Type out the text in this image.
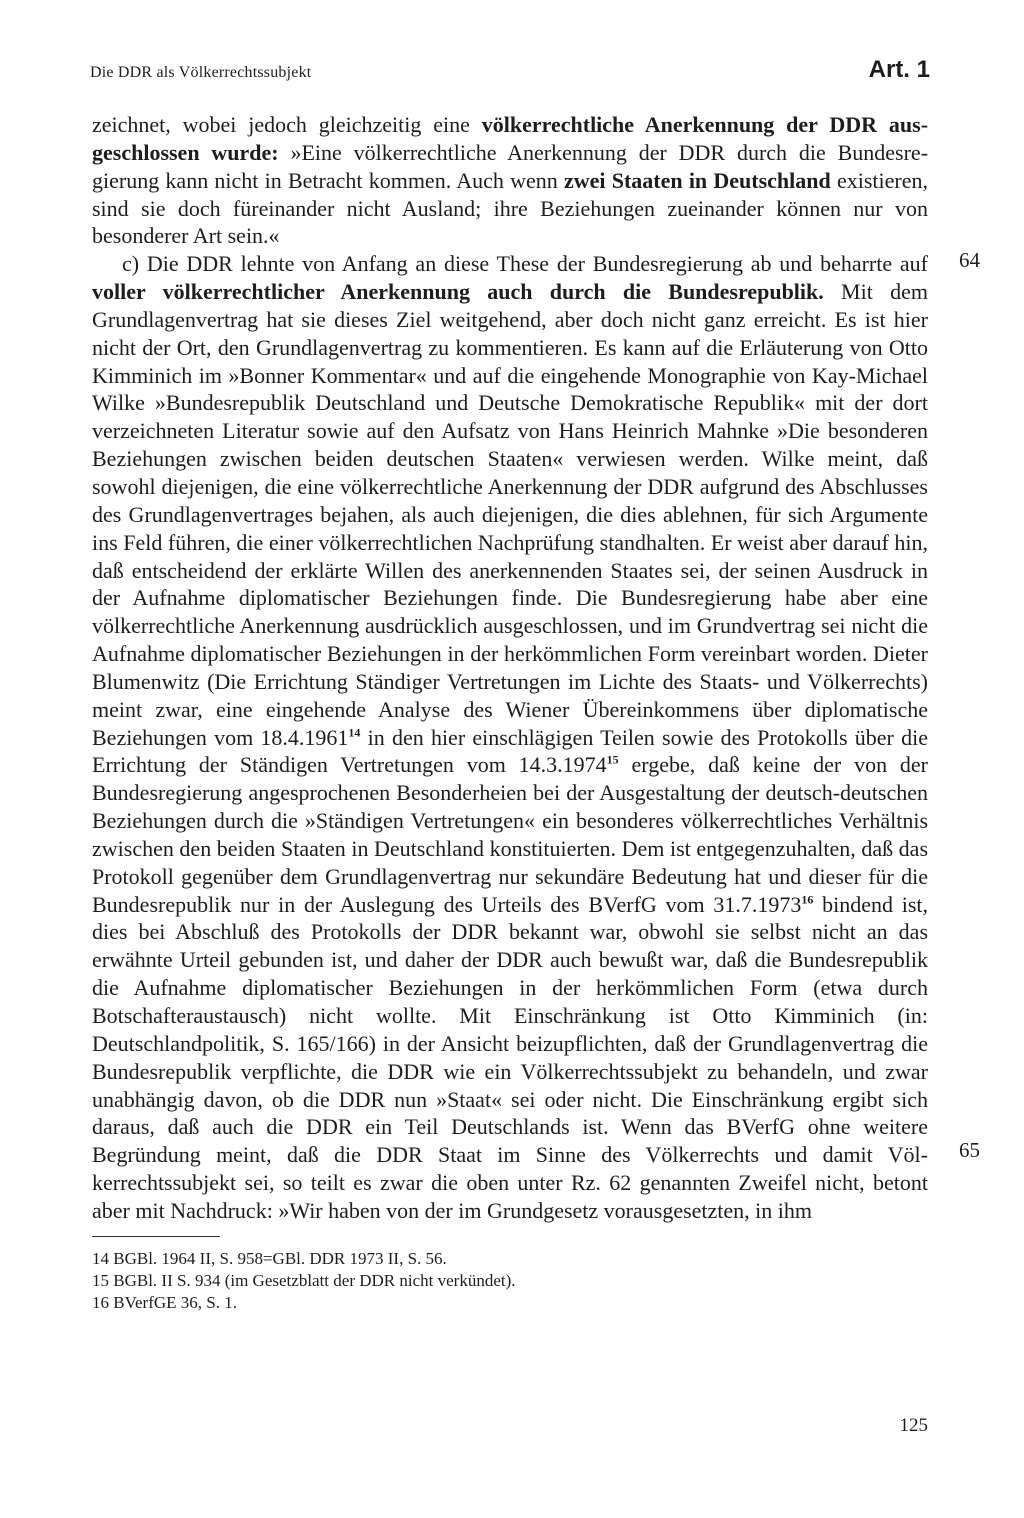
Die DDR als Völkerrechtssubjekt	Art. 1

zeichnet, wobei jedoch gleichzeitig eine völkerrechtliche Anerkennung der DDR ausgeschlossen wurde: »Eine völkerrechtliche Anerkennung der DDR durch die Bundesregierung kann nicht in Betracht kommen. Auch wenn zwei Staaten in Deutschland existieren, sind sie doch füreinander nicht Ausland; ihre Beziehungen zueinander können nur von besonderer Art sein.«

c) Die DDR lehnte von Anfang an diese These der Bundesregierung ab und beharrte auf voller völkerrechtlicher Anerkennung auch durch die Bundesrepublik. Mit dem Grundlagenvertrag hat sie dieses Ziel weitgehend, aber doch nicht ganz erreicht. Es ist hier nicht der Ort, den Grundlagenvertrag zu kommentieren. Es kann auf die Erläuterung von Otto Kimminich im »Bonner Kommentar« und auf die eingehende Monographie von Kay-Michael Wilke »Bundesrepublik Deutschland und Deutsche Demokratische Republik« mit der dort verzeichneten Literatur sowie auf den Aufsatz von Hans Heinrich Mahnke »Die besonderen Beziehungen zwischen beiden deutschen Staaten« verwiesen werden. Wilke meint, daß sowohl diejenigen, die eine völkerrechtliche Anerkennung der DDR aufgrund des Abschlusses des Grundlagenvertrages bejahen, als auch diejenigen, die dies ablehnen, für sich Argumente ins Feld führen, die einer völkerrechtlichen Nachprüfung standhalten. Er weist aber darauf hin, daß entscheidend der erklärte Willen des anerkennenden Staates sei, der seinen Ausdruck in der Aufnahme diplomatischer Beziehungen finde. Die Bundesregierung habe aber eine völkerrechtliche Anerkennung ausdrücklich ausgeschlossen, und im Grundvertrag sei nicht die Aufnahme diplomatischer Beziehungen in der herkömmlichen Form vereinbart worden. Dieter Blumenwitz (Die Errichtung Ständiger Vertretungen im Lichte des Staats- und Völkerrechts) meint zwar, eine eingehende Analyse des Wiener Übereinkommens über diplomatische Beziehungen vom 18.4.1961$^{14}$ in den hier einschlägigen Teilen sowie des Protokolls über die Errichtung der Ständigen Vertretungen vom 14.3.1974$^{15}$ ergebe, daß keine der von der Bundesregierung angesprochenen Besonderheien bei der Ausgestaltung der deutsch-deutschen Beziehungen durch die »Ständigen Vertretungen« ein besonderes völkerrechtliches Verhältnis zwischen den beiden Staaten in Deutschland konstituierten. Dem ist entgegenzuhalten, daß das Protokoll gegenüber dem Grundlagenvertrag nur sekundäre Bedeutung hat und dieser für die Bundesrepublik nur in der Auslegung des Urteils des BVerfG vom 31.7.1973$^{16}$ bindend ist, dies bei Abschluß des Protokolls der DDR bekannt war, obwohl sie selbst nicht an das erwähnte Urteil gebunden ist, und daher der DDR auch bewußt war, daß die Bundesrepublik die Aufnahme diplomatischer Beziehungen in der herkömmlichen Form (etwa durch Botschafteraustausch) nicht wollte. Mit Einschränkung ist Otto Kimminich (in: Deutschlandpolitik, S. 165/166) in der Ansicht beizupflichten, daß der Grundlagenvertrag die Bundesrepublik verpflichte, die DDR wie ein Völkerrechtssubjekt zu behandeln, und zwar unabhängig davon, ob die DDR nun »Staat« sei oder nicht. Die Einschränkung ergibt sich daraus, daß auch die DDR ein Teil Deutschlands ist. Wenn das BVerfG ohne weitere Begründung meint, daß die DDR Staat im Sinne des Völkerrechts und damit Völkerrechtssubjekt sei, so teilt es zwar die oben unter Rz. 62 genannten Zweifel nicht, betont aber mit Nachdruck: »Wir haben von der im Grundgesetz vorausgesetzten, in ihm

64
65
14 BGBl. 1964 II, S. 958=GBl. DDR 1973 II, S. 56.
15 BGBl. II S. 934 (im Gesetzblatt der DDR nicht verkündet).
16 BVerfGE 36, S. 1.
125
